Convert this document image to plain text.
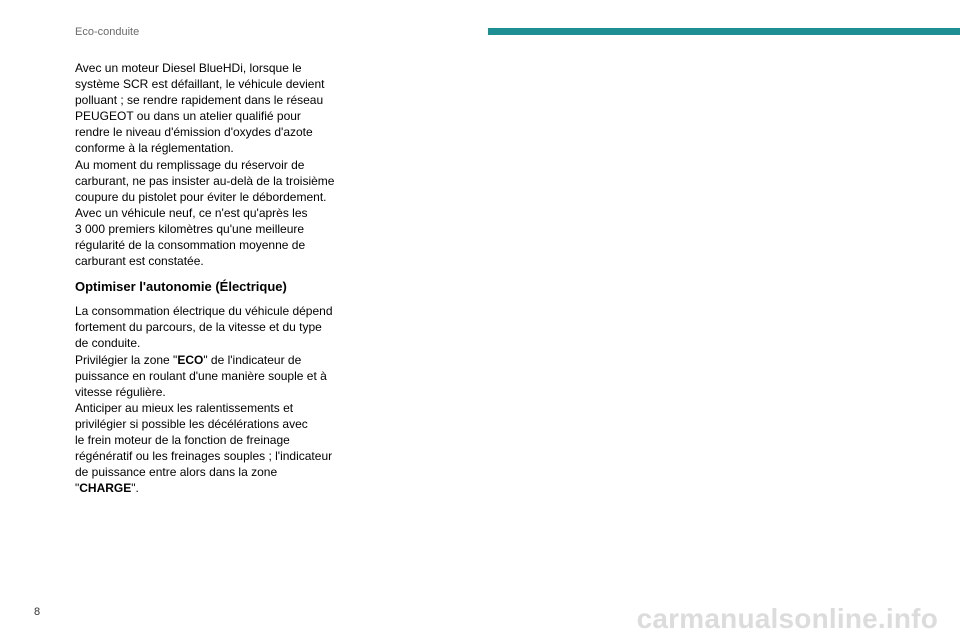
Eco-conduite

Avec un moteur Diesel BlueHDi, lorsque le
système SCR est défaillant, le véhicule devient
polluant ; se rendre rapidement dans le réseau
PEUGEOT ou dans un atelier qualifié pour
rendre le niveau d'émission d'oxydes d'azote
conforme à la réglementation.
Au moment du remplissage du réservoir de
carburant, ne pas insister au-delà de la troisième
coupure du pistolet pour éviter le débordement.
Avec un véhicule neuf, ce n'est qu'après les
3 000 premiers kilomètres qu'une meilleure
régularité de la consommation moyenne de
carburant est constatée.

Optimiser l'autonomie (Électrique)

La consommation électrique du véhicule dépend
fortement du parcours, de la vitesse et du type
de conduite.

Privilégier la zone "ECO" de l'indicateur de
puissance en roulant d'une manière souple et à
vitesse régulière.

Anticiper au mieux les ralentissements et
privilégier si possible les décélérations avec
le frein moteur de la fonction de freinage
régénératif ou les freinages souples ; l'indicateur
de puissance entre alors dans la zone
"CHARGE".

8	carmanualsonline.info
